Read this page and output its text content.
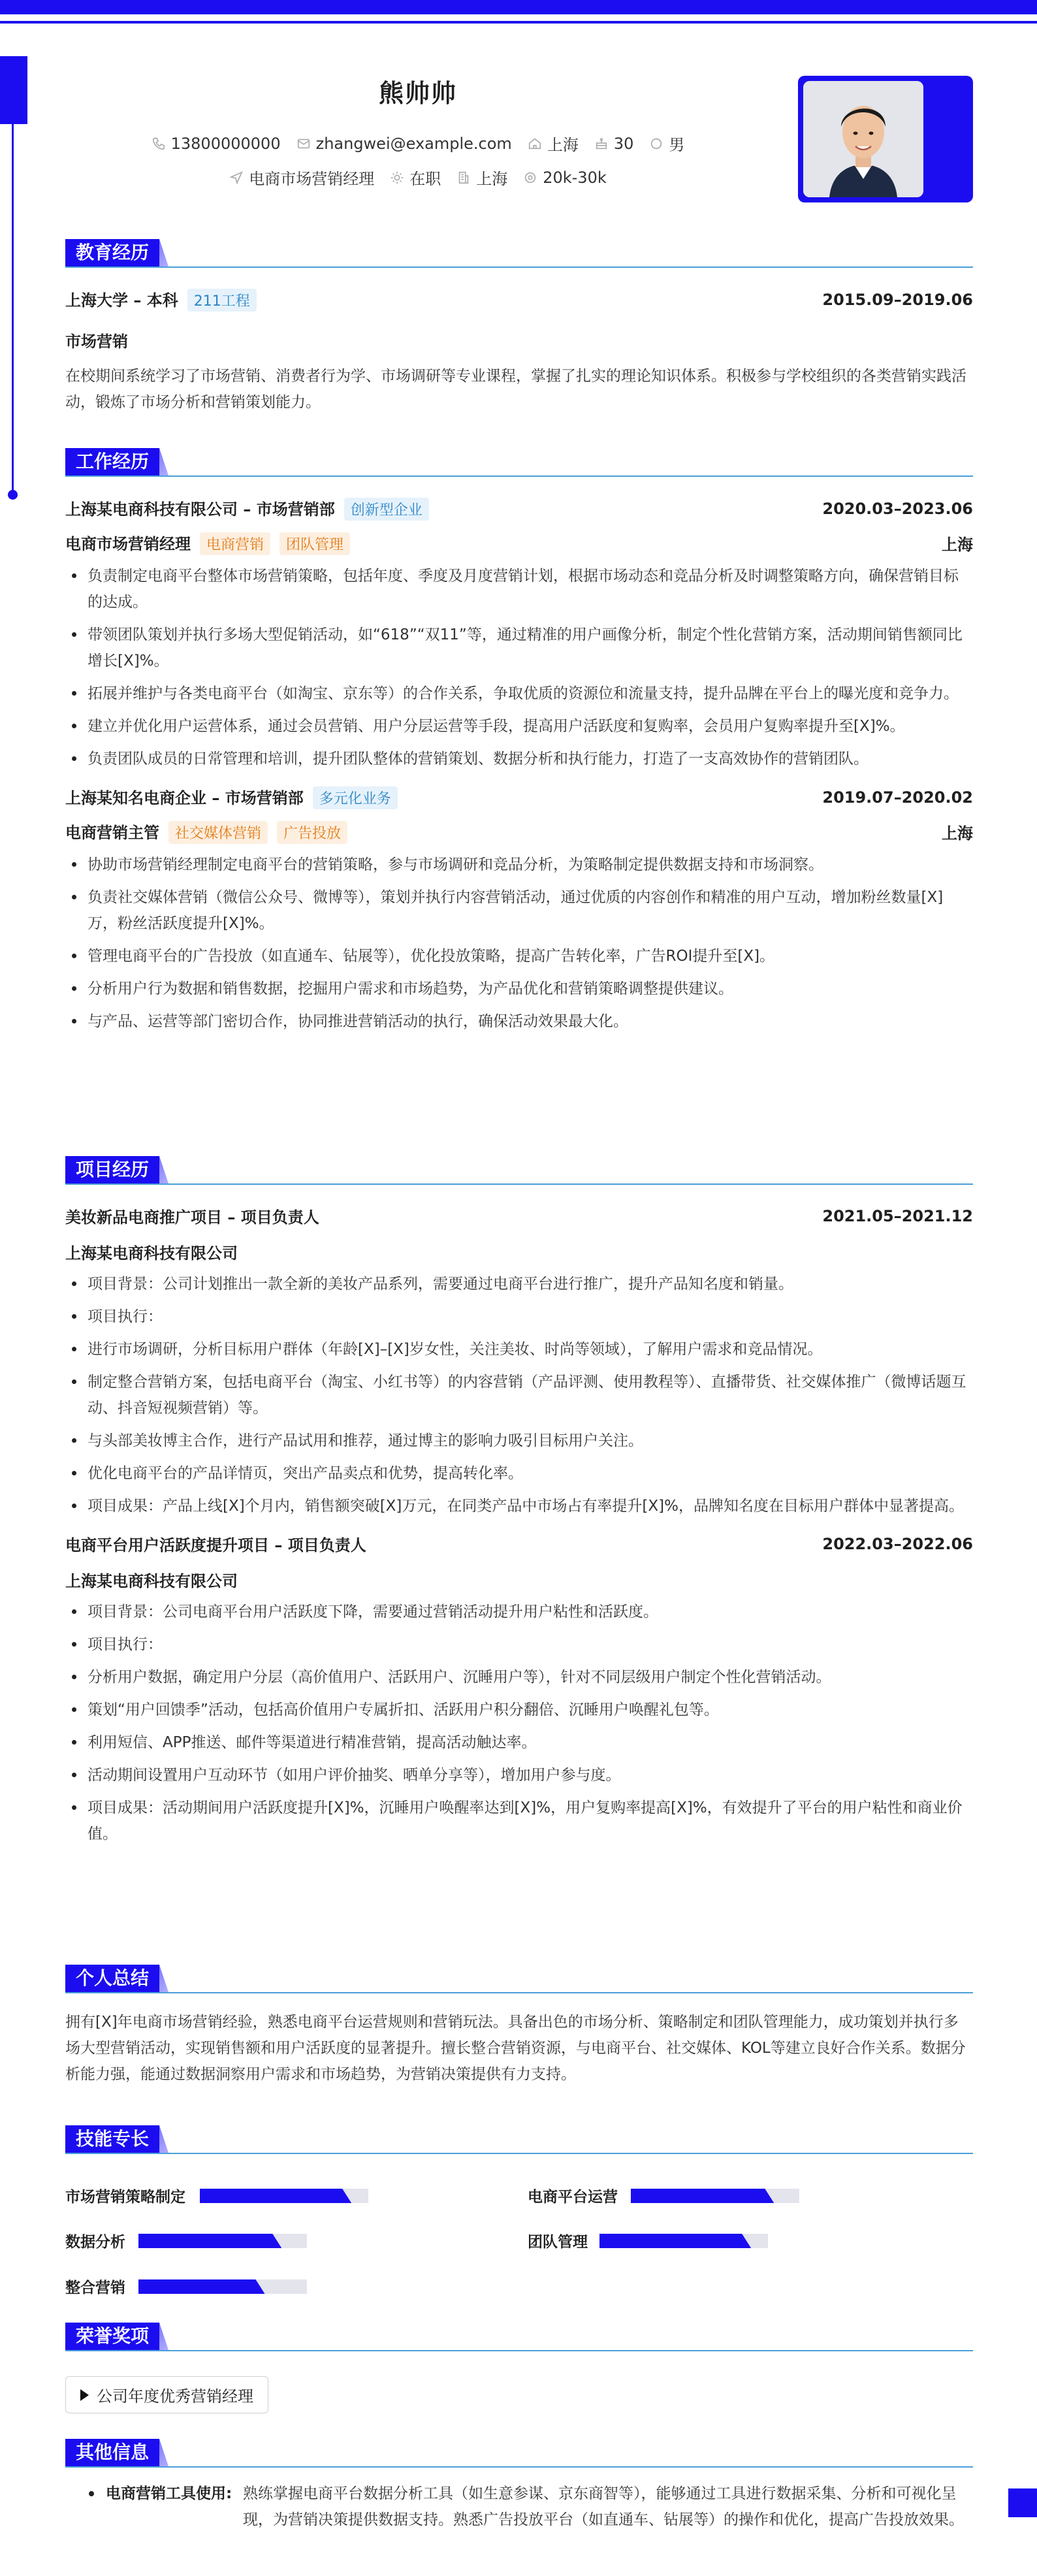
熊帅帅
13800000000 zhangwei@example.com 上海 30 男
电商市场营销经理 在职 上海 20k-30k
教育经历
上海大学 – 本科 211工程	2015.09–2019.06
市场营销
在校期间系统学习了市场营销、消费者行为学、市场调研等专业课程，掌握了扎实的理论知识体系。积极参与学校组织的各类营销实践活动，锻炼了市场分析和营销策划能力。
工作经历
上海某电商科技有限公司 – 市场营销部 创新型企业	2020.03–2023.06
电商市场营销经理 电商营销 团队管理	上海
负责制定电商平台整体市场营销策略，包括年度、季度及月度营销计划，根据市场动态和竞品分析及时调整策略方向，确保营销目标的达成。
带领团队策划并执行多场大型促销活动，如“618”“双11”等，通过精准的用户画像分析，制定个性化营销方案，活动期间销售额同比增长[X]%。
拓展并维护与各类电商平台（如淘宝、京东等）的合作关系，争取优质的资源位和流量支持，提升品牌在平台上的曝光度和竞争力。
建立并优化用户运营体系，通过会员营销、用户分层运营等手段，提高用户活跃度和复购率，会员用户复购率提升至[X]%。
负责团队成员的日常管理和培训，提升团队整体的营销策划、数据分析和执行能力，打造了一支高效协作的营销团队。
上海某知名电商企业 – 市场营销部 多元化业务	2019.07–2020.02
电商营销主管 社交媒体营销 广告投放	上海
协助市场营销经理制定电商平台的营销策略，参与市场调研和竞品分析，为策略制定提供数据支持和市场洞察。
负责社交媒体营销（微信公众号、微博等），策划并执行内容营销活动，通过优质的内容创作和精准的用户互动，增加粉丝数量[X]万，粉丝活跃度提升[X]%。
管理电商平台的广告投放（如直通车、钻展等），优化投放策略，提高广告转化率，广告ROI提升至[X]。
分析用户行为数据和销售数据，挖掘用户需求和市场趋势，为产品优化和营销策略调整提供建议。
与产品、运营等部门密切合作，协同推进营销活动的执行，确保活动效果最大化。
项目经历
美妆新品电商推广项目 – 项目负责人	2021.05–2021.12
上海某电商科技有限公司
项目背景：公司计划推出一款全新的美妆产品系列，需要通过电商平台进行推广，提升产品知名度和销量。
项目执行：
进行市场调研，分析目标用户群体（年龄[X]–[X]岁女性，关注美妆、时尚等领域），了解用户需求和竞品情况。
制定整合营销方案，包括电商平台（淘宝、小红书等）的内容营销（产品评测、使用教程等）、直播带货、社交媒体推广（微博话题互动、抖音短视频营销）等。
与头部美妆博主合作，进行产品试用和推荐，通过博主的影响力吸引目标用户关注。
优化电商平台的产品详情页，突出产品卖点和优势，提高转化率。
项目成果：产品上线[X]个月内，销售额突破[X]万元，在同类产品中市场占有率提升[X]%，品牌知名度在目标用户群体中显著提高。
电商平台用户活跃度提升项目 – 项目负责人	2022.03–2022.06
上海某电商科技有限公司
项目背景：公司电商平台用户活跃度下降，需要通过营销活动提升用户粘性和活跃度。
项目执行：
分析用户数据，确定用户分层（高价值用户、活跃用户、沉睡用户等），针对不同层级用户制定个性化营销活动。
策划“用户回馈季”活动，包括高价值用户专属折扣、活跃用户积分翻倍、沉睡用户唤醒礼包等。
利用短信、APP推送、邮件等渠道进行精准营销，提高活动触达率。
活动期间设置用户互动环节（如用户评价抽奖、晒单分享等），增加用户参与度。
项目成果：活动期间用户活跃度提升[X]%，沉睡用户唤醒率达到[X]%，用户复购率提高[X]%，有效提升了平台的用户粘性和商业价值。
个人总结
拥有[X]年电商市场营销经验，熟悉电商平台运营规则和营销玩法。具备出色的市场分析、策略制定和团队管理能力，成功策划并执行多场大型营销活动，实现销售额和用户活跃度的显著提升。擅长整合营销资源，与电商平台、社交媒体、KOL等建立良好合作关系。数据分析能力强，能通过数据洞察用户需求和市场趋势，为营销决策提供有力支持。
技能专长
市场营销策略制定	电商平台运营
数据分析	团队管理
整合营销
荣誉奖项
公司年度优秀营销经理
其他信息
电商营销工具使用: 熟练掌握电商平台数据分析工具（如生意参谋、京东商智等），能够通过工具进行数据采集、分析和可视化呈现，为营销决策提供数据支持。熟悉广告投放平台（如直通车、钻展等）的操作和优化，提高广告投放效果。
